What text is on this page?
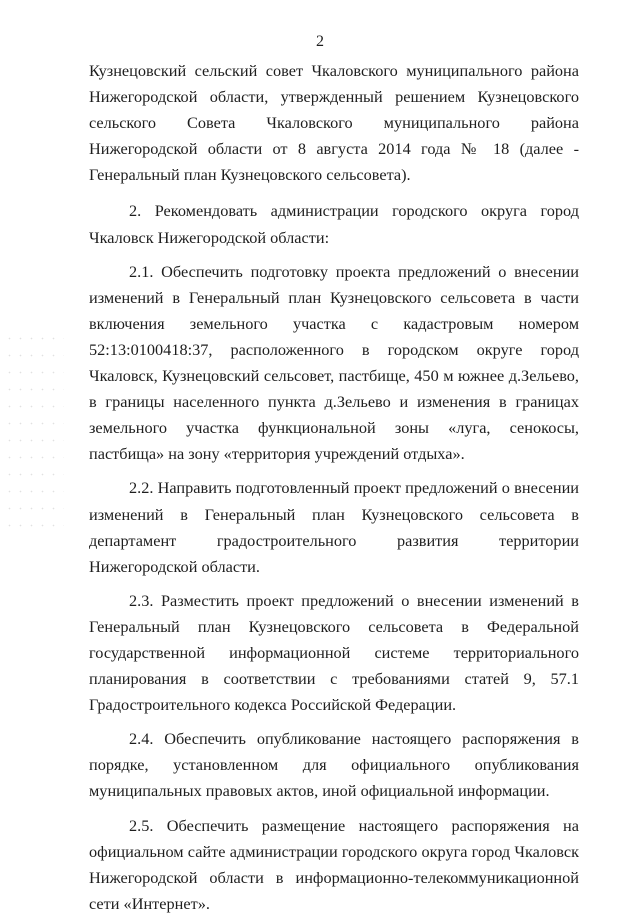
2

Кузнецовский сельский совет Чкаловского муниципального района Нижегородской области, утвержденный решением Кузнецовского сельского Совета Чкаловского муниципального района Нижегородской области от 8 августа 2014 года № 18 (далее - Генеральный план Кузнецовского сельсовета).

2. Рекомендовать администрации городского округа город Чкаловск Нижегородской области:

2.1. Обеспечить подготовку проекта предложений о внесении изменений в Генеральный план Кузнецовского сельсовета в части включения земельного участка с кадастровым номером 52:13:0100418:37, расположенного в городском округе город Чкаловск, Кузнецовский сельсовет, пастбище, 450 м южнее д.Зельево, в границы населенного пункта д.Зельево и изменения в границах земельного участка функциональной зоны «луга, сенокосы, пастбища» на зону «территория учреждений отдыха».

2.2. Направить подготовленный проект предложений о внесении изменений в Генеральный план Кузнецовского сельсовета в департамент градостроительного развития территории Нижегородской области.

2.3. Разместить проект предложений о внесении изменений в Генеральный план Кузнецовского сельсовета в Федеральной государственной информационной системе территориального планирования в соответствии с требованиями статей 9, 57.1 Градостроительного кодекса Российской Федерации.

2.4. Обеспечить опубликование настоящего распоряжения в порядке, установленном для официального опубликования муниципальных правовых актов, иной официальной информации.

2.5. Обеспечить размещение настоящего распоряжения на официальном сайте администрации городского округа город Чкаловск Нижегородской области в информационно-телекоммуникационной сети «Интернет».
